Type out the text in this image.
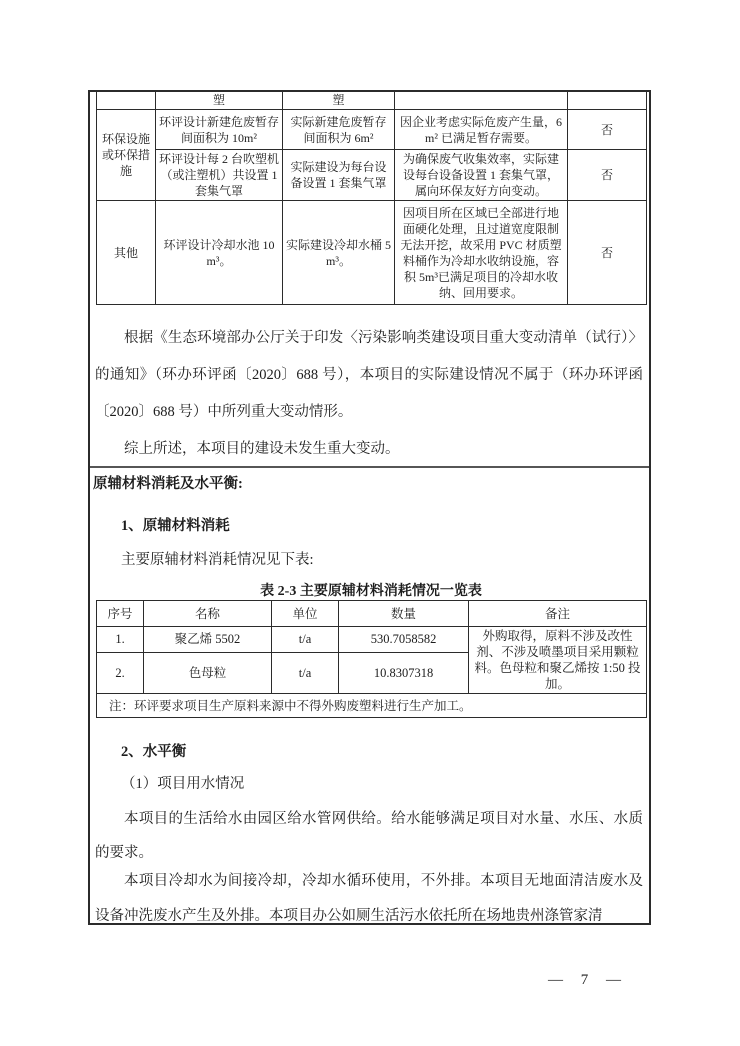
	塑	塑		
环保设施或环保措施	环评设计新建危废暂存间面积为 10m²	实际新建危废暂存间面积为 6m²	因企业考虑实际危废产生量，6m² 已满足暂存需要。	否
	环评设计每 2 台吹塑机（或注塑机）共设置 1 套集气罩	实际建设为每台设备设置 1 套集气罩	为确保废气收集效率，实际建设每台设备设置 1 套集气罩，属向环保友好方向变动。	否
其他	环评设计冷却水池 10m³。	实际建设冷却水桶 5m³。	因项目所在区域已全部进行地面硬化处理，且过道宽度限制无法开挖，故采用 PVC 材质塑料桶作为冷却水收纳设施，容积 5m³已满足项目的冷却水收纳、回用要求。	否

根据《生态环境部办公厅关于印发〈污染影响类建设项目重大变动清单（试行）〉的通知》（环办环评函〔2020〕688 号），本项目的实际建设情况不属于（环办环评函〔2020〕688 号）中所列重大变动情形。

综上所述，本项目的建设未发生重大变动。

原辅材料消耗及水平衡:

1、原辅材料消耗

主要原辅材料消耗情况见下表:

表 2-3 主要原辅材料消耗情况一览表

序号	名称	单位	数量	备注
1.	聚乙烯 5502	t/a	530.7058582	外购取得，原料不涉及改性剂、不涉及喷墨项目采用颗粒料。色母粒和聚乙烯按 1:50 投加。
2.	色母粒	t/a	10.8307318	
注：环评要求项目生产原料来源中不得外购废塑料进行生产加工。				

2、水平衡

（1）项目用水情况

本项目的生活给水由园区给水管网供给。给水能够满足项目对水量、水压、水质的要求。

本项目冷却水为间接冷却，冷却水循环使用，不外排。本项目无地面清洁废水及设备冲洗废水产生及外排。本项目办公如厕生活污水依托所在场地贵州涤管家清

— 7 —
